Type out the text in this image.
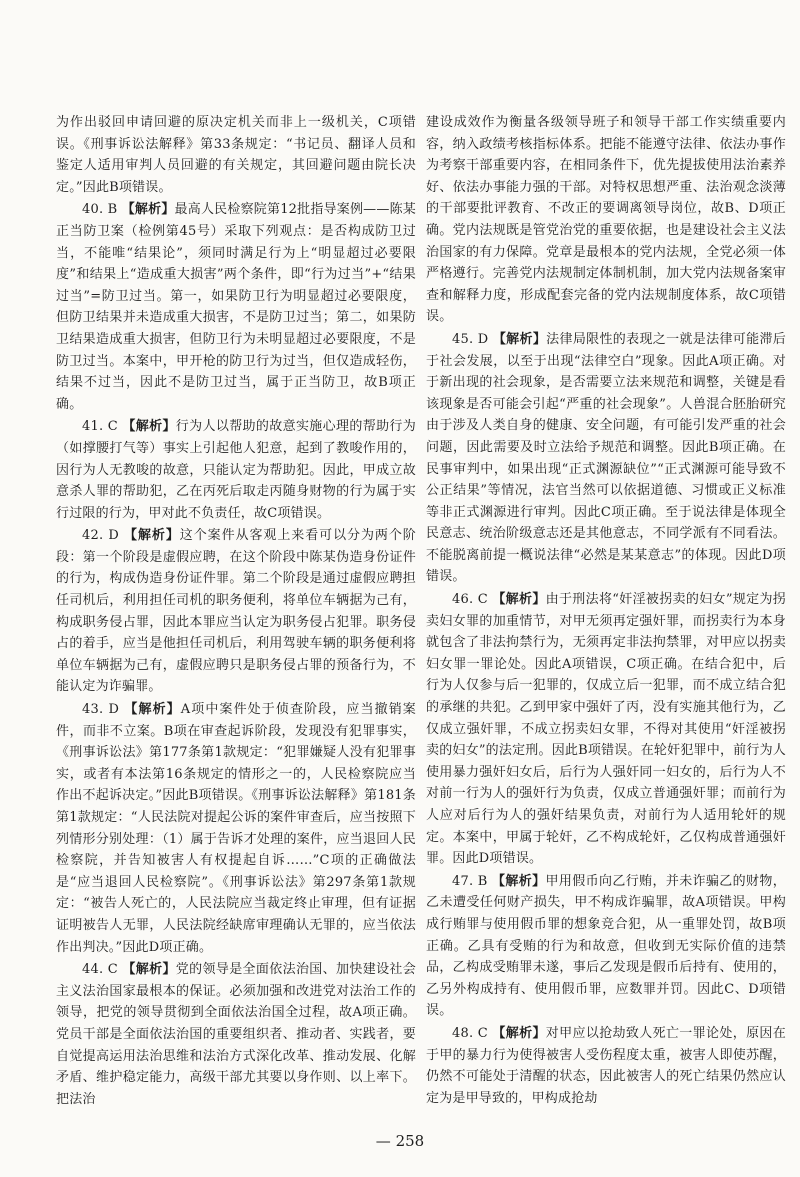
为作出驳回申请回避的原决定机关而非上一级机关，C项错误。《刑事诉讼法解释》第33条规定：“书记员、翻译人员和鉴定人适用审判人员回避的有关规定，其回避问题由院长决定。”因此B项错误。

40. B 【解析】最高人民检察院第12批指导案例——陈某正当防卫案（检例第45号）采取下列观点：是否构成防卫过当，不能唯“结果论”，须同时满足行为上“明显超过必要限度”和结果上“造成重大损害”两个条件，即“行为过当”+“结果过当”=防卫过当。第一，如果防卫行为明显超过必要限度，但防卫结果并未造成重大损害，不是防卫过当；第二，如果防卫结果造成重大损害，但防卫行为未明显超过必要限度，不是防卫过当。本案中，甲开枪的防卫行为过当，但仅造成轻伤，结果不过当，因此不是防卫过当，属于正当防卫，故B项正确。

41. C 【解析】行为人以帮助的故意实施心理的帮助行为（如撑腰打气等）事实上引起他人犯意，起到了教唆作用的，因行为人无教唆的故意，只能认定为帮助犯。因此，甲成立故意杀人罪的帮助犯，乙在丙死后取走丙随身财物的行为属于实行过限的行为，甲对此不负责任，故C项错误。

42. D 【解析】这个案件从客观上来看可以分为两个阶段：第一个阶段是虚假应聘，在这个阶段中陈某伪造身份证件的行为，构成伪造身份证件罪。第二个阶段是通过虚假应聘担任司机后，利用担任司机的职务便利，将单位车辆据为己有，构成职务侵占罪，因此本罪应当认定为职务侵占犯罪。职务侵占的着手，应当是他担任司机后，利用驾驶车辆的职务便利将单位车辆据为己有，虚假应聘只是职务侵占罪的预备行为，不能认定为诈骗罪。

43. D 【解析】A项中案件处于侦查阶段，应当撤销案件，而非不立案。B项在审查起诉阶段，发现没有犯罪事实，《刑事诉讼法》第177条第1款规定：“犯罪嫌疑人没有犯罪事实，或者有本法第16条规定的情形之一的，人民检察院应当作出不起诉决定。”因此B项错误。《刑事诉讼法解释》第181条第1款规定：“人民法院对提起公诉的案件审查后，应当按照下列情形分别处理：（1）属于告诉才处理的案件，应当退回人民检察院，并告知被害人有权提起自诉……”C项的正确做法是“应当退回人民检察院”。《刑事诉讼法》第297条第1款规定：“被告人死亡的，人民法院应当裁定终止审理，但有证据证明被告人无罪，人民法院经缺席审理确认无罪的，应当依法作出判决。”因此D项正确。

44. C 【解析】党的领导是全面依法治国、加快建设社会主义法治国家最根本的保证。必须加强和改进党对法治工作的领导，把党的领导贯彻到全面依法治国全过程，故A项正确。党员干部是全面依法治国的重要组织者、推动者、实践者，要自觉提高运用法治思维和法治方式深化改革、推动发展、化解矛盾、维护稳定能力，高级干部尤其要以身作则、以上率下。把法治

建设成效作为衡量各级领导班子和领导干部工作实绩重要内容，纳入政绩考核指标体系。把能不能遵守法律、依法办事作为考察干部重要内容，在相同条件下，优先提拔使用法治素养好、依法办事能力强的干部。对特权思想严重、法治观念淡薄的干部要批评教育、不改正的要调离领导岗位，故B、D项正确。党内法规既是管党治党的重要依据，也是建设社会主义法治国家的有力保障。党章是最根本的党内法规，全党必须一体严格遵行。完善党内法规制定体制机制，加大党内法规备案审查和解释力度，形成配套完备的党内法规制度体系，故C项错误。

45. D 【解析】法律局限性的表现之一就是法律可能滞后于社会发展，以至于出现“法律空白”现象。因此A项正确。对于新出现的社会现象，是否需要立法来规范和调整，关键是看该现象是否可能会引起“严重的社会现象”。人兽混合胚胎研究由于涉及人类自身的健康、安全问题，有可能引发严重的社会问题，因此需要及时立法给予规范和调整。因此B项正确。在民事审判中，如果出现“正式渊源缺位”“正式渊源可能导致不公正结果”等情况，法官当然可以依据道德、习惯或正义标准等非正式渊源进行审判。因此C项正确。至于说法律是体现全民意志、统治阶级意志还是其他意志，不同学派有不同看法。不能脱离前提一概说法律“必然是某某意志”的体现。因此D项错误。

46. C 【解析】由于刑法将“奸淫被拐卖的妇女”规定为拐卖妇女罪的加重情节，对甲无须再定强奸罪，而拐卖行为本身就包含了非法拘禁行为，无须再定非法拘禁罪，对甲应以拐卖妇女罪一罪论处。因此A项错误，C项正确。在结合犯中，后行为人仅参与后一犯罪的，仅成立后一犯罪，而不成立结合犯的承继的共犯。乙到甲家中强奸了丙，没有实施其他行为，乙仅成立强奸罪，不成立拐卖妇女罪，不得对其使用“奸淫被拐卖的妇女”的法定刑。因此B项错误。在轮奸犯罪中，前行为人使用暴力强奸妇女后，后行为人强奸同一妇女的，后行为人不对前一行为人的强奸行为负责，仅成立普通强奸罪；而前行为人应对后行为人的强奸结果负责，对前行为人适用轮奸的规定。本案中，甲属于轮奸，乙不构成轮奸，乙仅构成普通强奸罪。因此D项错误。

47. B 【解析】甲用假币向乙行贿，并未诈骗乙的财物，乙未遭受任何财产损失，甲不构成诈骗罪，故A项错误。甲构成行贿罪与使用假币罪的想象竞合犯，从一重罪处罚，故B项正确。乙具有受贿的行为和故意，但收到无实际价值的违禁品，乙构成受贿罪未遂，事后乙发现是假币后持有、使用的，乙另外构成持有、使用假币罪，应数罪并罚。因此C、D项错误。

48. C 【解析】对甲应以抢劫致人死亡一罪论处，原因在于甲的暴力行为使得被害人受伤程度太重，被害人即使苏醒，仍然不可能处于清醒的状态，因此被害人的死亡结果仍然应认定为是甲导致的，甲构成抢劫

— 258
